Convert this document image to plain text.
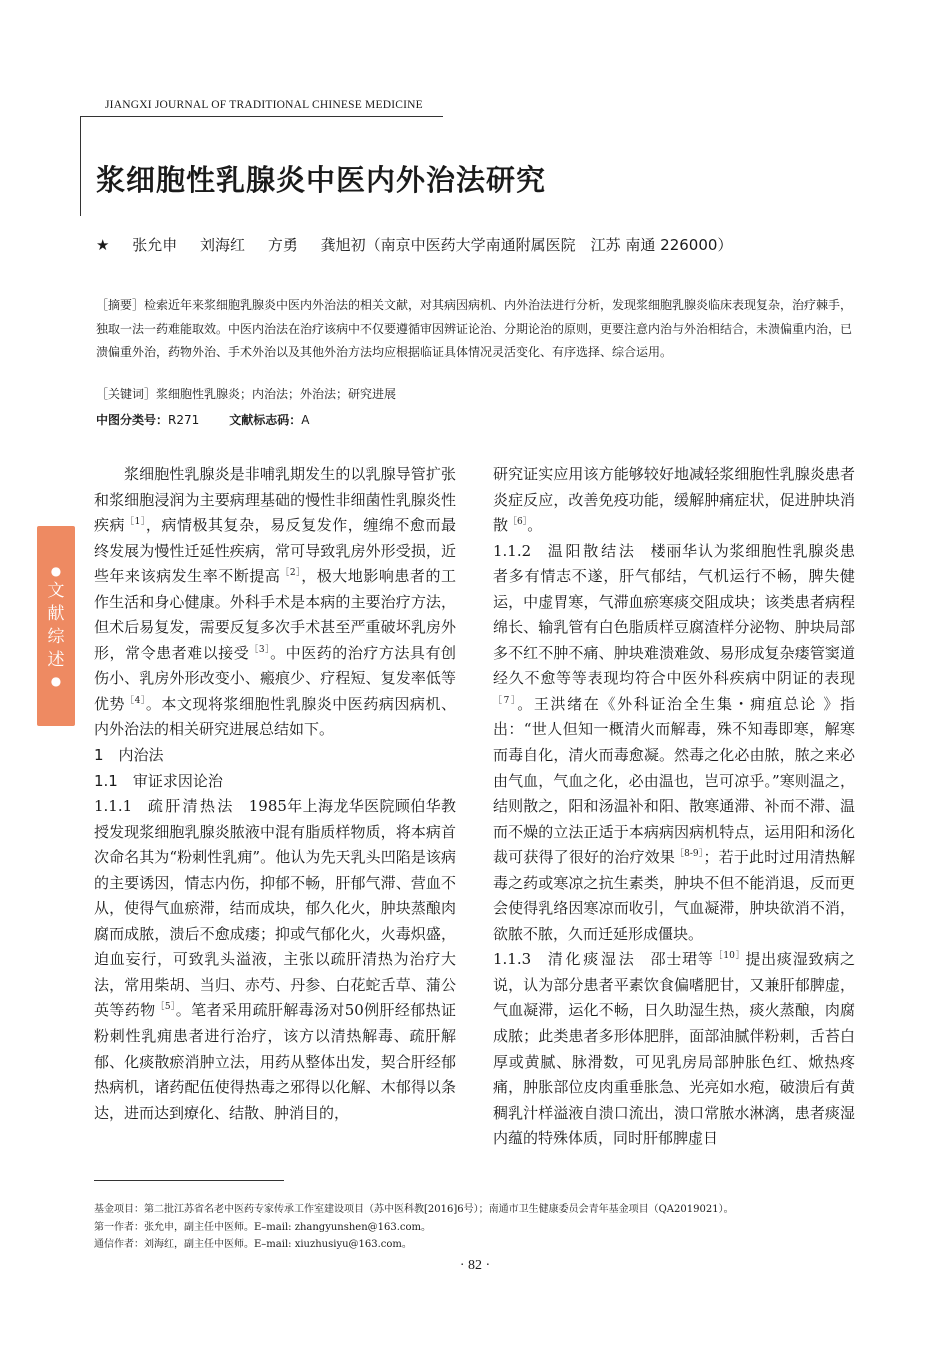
JIANGXI JOURNAL OF TRADITIONAL CHINESE MEDICINE
浆细胞性乳腺炎中医内外治法研究
★ 张允申 刘海红 方勇 龚旭初（南京中医药大学南通附属医院　江苏 南通 226000）
［摘要］检索近年来浆细胞乳腺炎中医内外治法的相关文献，对其病因病机、内外治法进行分析，发现浆细胞乳腺炎临床表现复杂，治疗棘手，独取一法一药难能取效。中医内治法在治疗该病中不仅要遵循审因辨证论治、分期论治的原则，更要注意内治与外治相结合，未溃偏重内治，已溃偏重外治，药物外治、手术外治以及其他外治方法均应根据临证具体情况灵活变化、有序选择、综合运用。
［关键词］浆细胞性乳腺炎；内治法；外治法；研究进展
中图分类号：R271	文献标志码：A
●
文
献
综
述
●

浆细胞性乳腺炎是非哺乳期发生的以乳腺导管扩张和浆细胞浸润为主要病理基础的慢性非细菌性乳腺炎性疾病$^{[1]}$，病情极其复杂，易反复发作，缠绵不愈而最终发展为慢性迁延性疾病，常可导致乳房外形受损，近些年来该病发生率不断提高$^{[2]}$，极大地影响患者的工作生活和身心健康。外科手术是本病的主要治疗方法，但术后易复发，需要反复多次手术甚至严重破坏乳房外形，常令患者难以接受$^{[3]}$。中医药的治疗方法具有创伤小、乳房外形改变小、瘢痕少、疗程短、复发率低等优势$^{[4]}$。本文现将浆细胞性乳腺炎中医药病因病机、内外治法的相关研究进展总结如下。

1　内治法

1.1　审证求因论治

1.1.1　 疏肝清热法 1985年上海龙华医院顾伯华教授发现浆细胞乳腺炎脓液中混有脂质样物质，将本病首次命名其为“粉刺性乳痈”。他认为先天乳头凹陷是该病的主要诱因，情志内伤，抑郁不畅，肝郁气滞、营血不从，使得气血瘀滞，结而成块，郁久化火，肿块蒸酿肉腐而成脓，溃后不愈成瘘；抑或气郁化火，火毒炽盛，迫血妄行，可致乳头溢液，主张以疏肝清热为治疗大法，常用柴胡、当归、赤芍、丹参、白花蛇舌草、蒲公英等药物$^{[5]}$。笔者采用疏肝解毒汤对50例肝经郁热证粉刺性乳痈患者进行治疗，该方以清热解毒、疏肝解郁、化痰散瘀消肿立法，用药从整体出发，契合肝经郁热病机，诸药配伍使得热毒之邪得以化解、木郁得以条达，进而达到療化、结散、肿消目的，

研究证实应用该方能够较好地减轻浆细胞性乳腺炎患者炎症反应，改善免疫功能，缓解肿痛症状，促进肿块消散$^{[6]}$。

1.1.2　 温阳散结法 楼丽华认为浆细胞性乳腺炎患者多有情志不遂，肝气郁结，气机运行不畅，脾失健运，中虚胃寒，气滞血瘀寒痰交阻成块；该类患者病程绵长、输乳管有白色脂质样豆腐渣样分泌物、肿块局部多不红不肿不痛、肿块难溃难敛、易形成复杂瘘管窦道经久不愈等等表现均符合中医外科疾病中阴证的表现$^{[7]}$。王洪绪在《外科证治全生集・痈疽总论 》指出：“世人但知一概清火而解毒，殊不知毒即寒，解寒而毒自化，清火而毒愈凝。然毒之化必由脓，脓之来必由气血，气血之化，必由温也，岂可凉乎。”寒则温之，结则散之，阳和汤温补和阳、散寒通滞、补而不滞、温而不燥的立法正适于本病病因病机特点，运用阳和汤化裁可获得了很好的治疗效果$^{[8-9]}$；若于此时过用清热解毒之药或寒凉之抗生素类，肿块不但不能消退，反而更会使得乳络因寒凉而收引，气血凝滞，肿块欲消不消，欲脓不脓，久而迁延形成僵块。

1.1.3　 清化痰湿法 邵士珺等$^{[10]}$提出痰湿致病之说，认为部分患者平素饮食偏嗜肥甘，又兼肝郁脾虚，气血凝滞，运化不畅，日久助湿生热，痰火蒸酿，肉腐成脓；此类患者多形体肥胖，面部油腻伴粉刺，舌苔白厚或黄腻、脉滑数，可见乳房局部肿胀色红、焮热疼痛，肿胀部位皮肉重垂胀急、光亮如水疱，破溃后有黄稠乳汁样溢液自溃口流出，溃口常脓水淋漓，患者痰湿内蕴的特殊体质，同时肝郁脾虚日

基金项目：第二批江苏省名老中医药专家传承工作室建设项目（苏中医科教[2016]6号）；南通市卫生健康委员会青年基金项目（QA2019021）。
第一作者：张允申，副主任中医师。E–mail: zhangyunshen@163.com。
通信作者：刘海红，副主任中医师。E–mail: xiuzhusiyu@163.com。
· 82 ·
